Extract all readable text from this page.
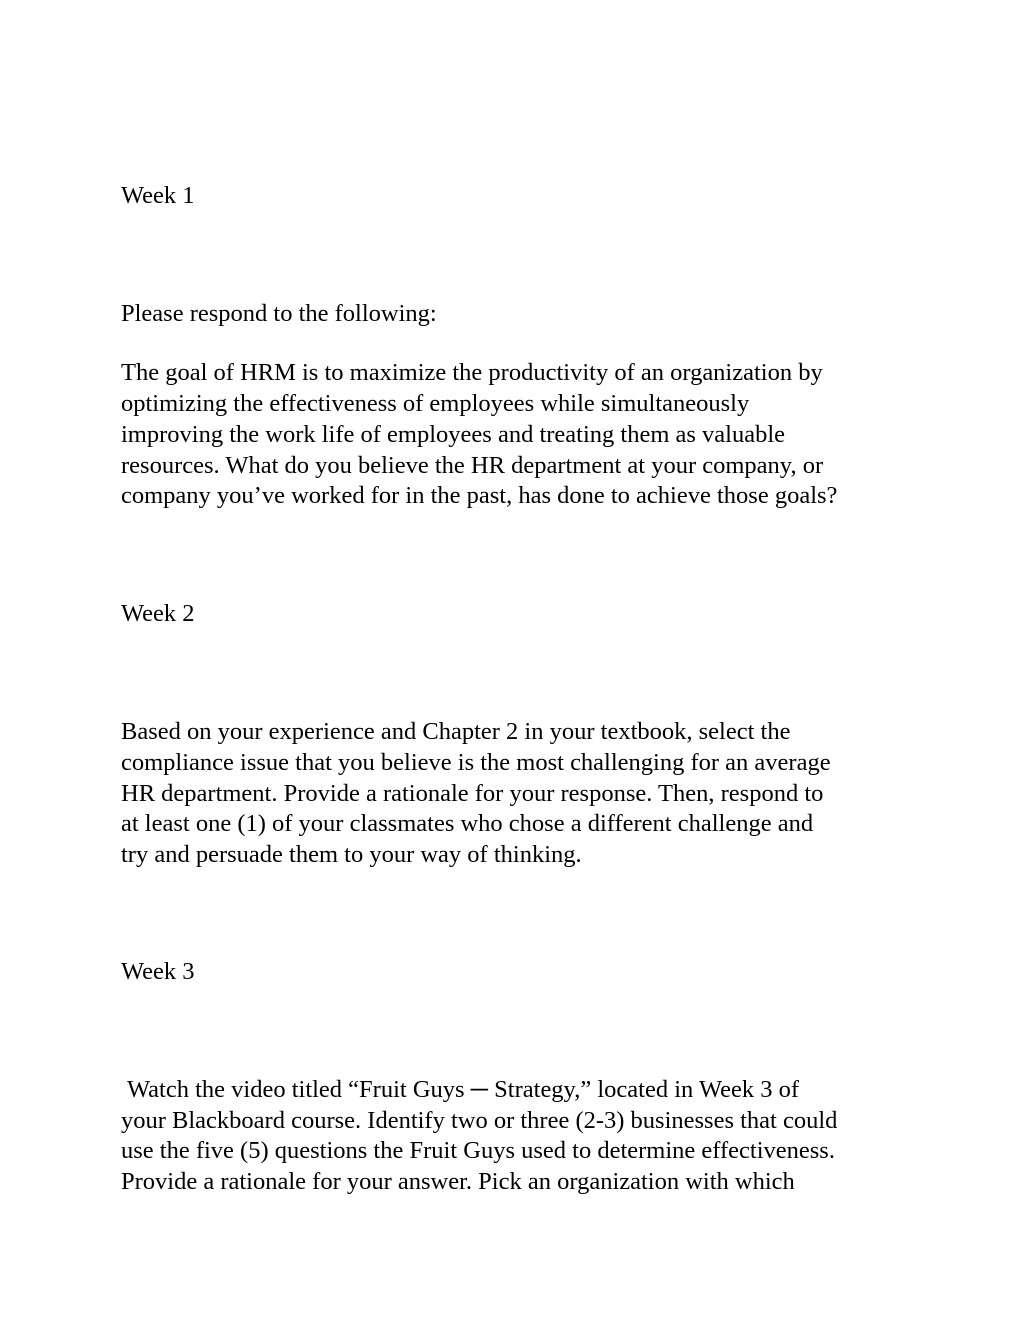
Week 1

Please respond to the following:

The goal of HRM is to maximize the productivity of an organization by

optimizing the effectiveness of employees while simultaneously

improving the work life of employees and treating them as valuable

resources. What do you believe the HR department at your company, or

company you’ve worked for in the past, has done to achieve those goals?

Week 2

Based on your experience and Chapter 2 in your textbook, select the

compliance issue that you believe is the most challenging for an average

HR department. Provide a rationale for your response. Then, respond to

at least one (1) of your classmates who chose a different challenge and

try and persuade them to your way of thinking.

Week 3

Watch the video titled “Fruit Guys ─ Strategy,” located in Week 3 of

your Blackboard course. Identify two or three (2-3) businesses that could

use the five (5) questions the Fruit Guys used to determine effectiveness.

Provide a rationale for your answer. Pick an organization with which
